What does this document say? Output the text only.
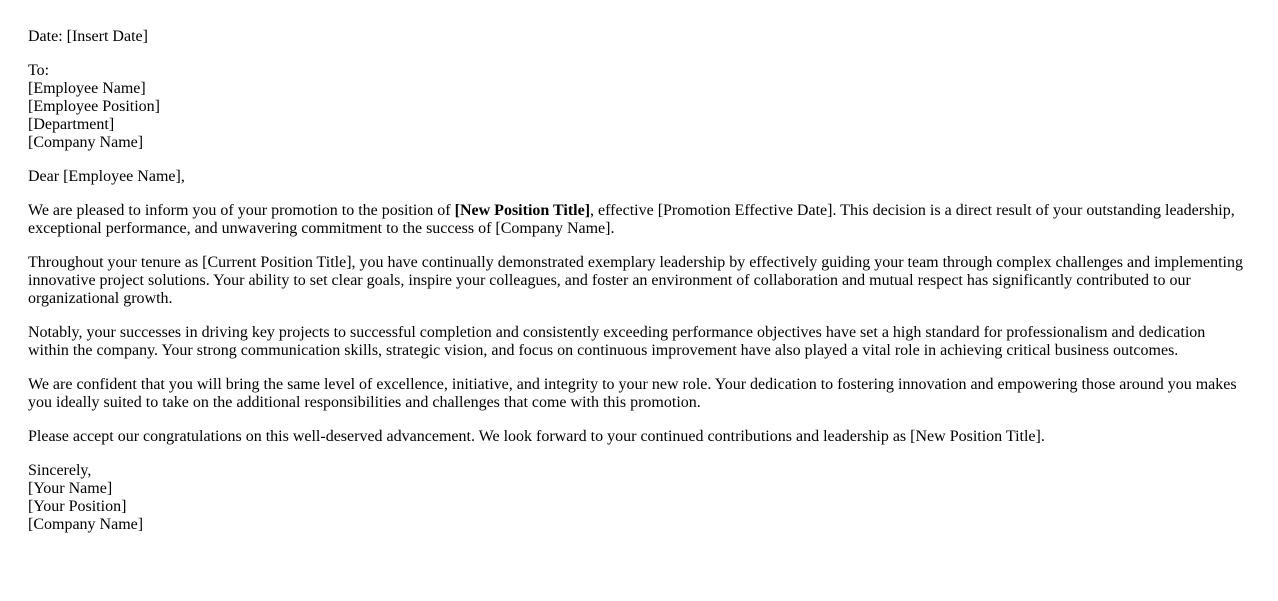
Date: [Insert Date]

To:
[Employee Name]
[Employee Position]
[Department]
[Company Name]

Dear [Employee Name],

We are pleased to inform you of your promotion to the position of [New Position Title], effective [Promotion Effective Date]. This decision is a direct result of your outstanding leadership, exceptional performance, and unwavering commitment to the success of [Company Name].

Throughout your tenure as [Current Position Title], you have continually demonstrated exemplary leadership by effectively guiding your team through complex challenges and implementing innovative project solutions. Your ability to set clear goals, inspire your colleagues, and foster an environment of collaboration and mutual respect has significantly contributed to our organizational growth.

Notably, your successes in driving key projects to successful completion and consistently exceeding performance objectives have set a high standard for professionalism and dedication within the company. Your strong communication skills, strategic vision, and focus on continuous improvement have also played a vital role in achieving critical business outcomes.

We are confident that you will bring the same level of excellence, initiative, and integrity to your new role. Your dedication to fostering innovation and empowering those around you makes you ideally suited to take on the additional responsibilities and challenges that come with this promotion.

Please accept our congratulations on this well-deserved advancement. We look forward to your continued contributions and leadership as [New Position Title].

Sincerely,
[Your Name]
[Your Position]
[Company Name]
